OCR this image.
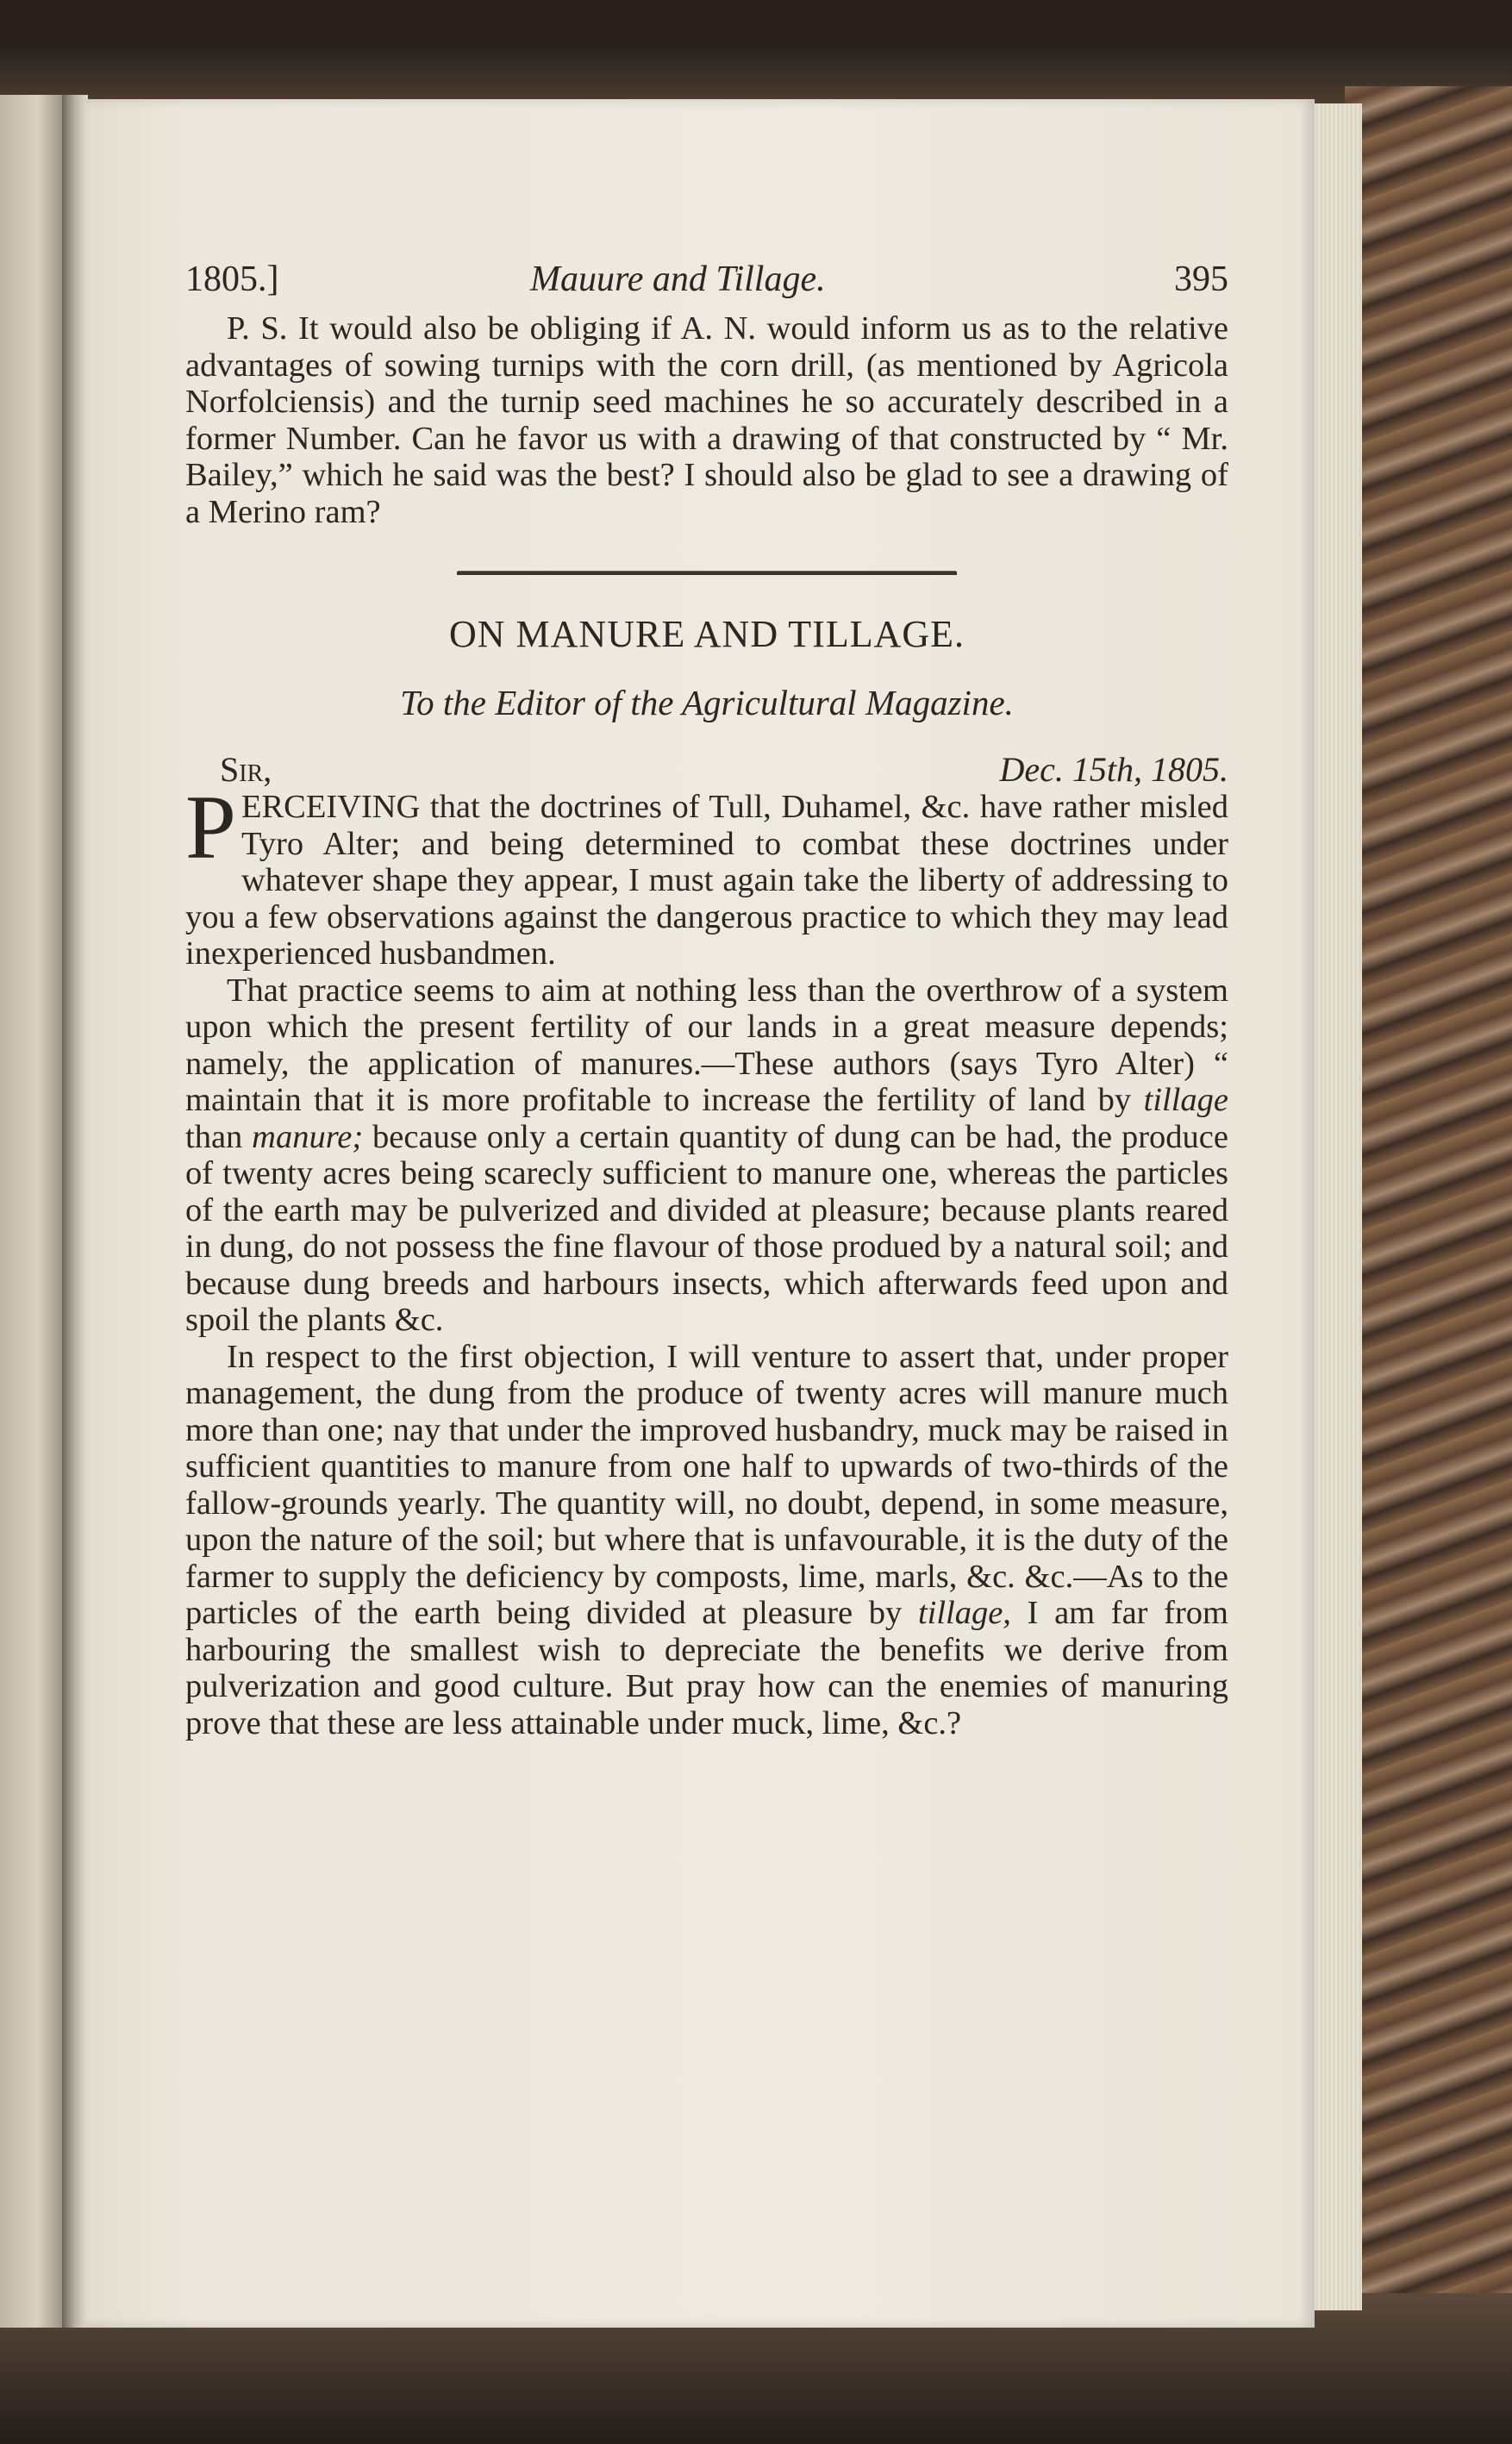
1805.]	Mauure and Tillage.	395

P. S. It would also be obliging if A. N. would inform us as to the relative advantages of sowing turnips with the corn drill, (as mentioned by Agricola Norfolciensis) and the turnip seed machines he so accurately described in a former Number. Can he favor us with a drawing of that constructed by “ Mr. Bailey,” which he said was the best? I should also be glad to see a drawing of a Merino ram?

ON MANURE AND TILLAGE.
To the Editor of the Agricultural Magazine.
Sir,	Dec. 15th, 1805.
P ERCEIVING that the doctrines of Tull, Duhamel, &c. have rather misled Tyro Alter; and being determined to combat these doctrines under whatever shape they appear, I must again take the liberty of addressing to you a few observations against the dangerous practice to which they may lead inexperienced husbandmen.

That practice seems to aim at nothing less than the overthrow of a system upon which the present fertility of our lands in a great measure depends; namely, the application of manures.—These authors (says Tyro Alter) “ maintain that it is more profitable to increase the fertility of land by tillage than manure; because only a certain quantity of dung can be had, the produce of twenty acres being scarecly sufficient to manure one, whereas the particles of the earth may be pulverized and divided at pleasure; because plants reared in dung, do not possess the fine flavour of those produed by a natural soil; and because dung breeds and harbours insects, which afterwards feed upon and spoil the plants &c.

In respect to the first objection, I will venture to assert that, under proper management, the dung from the produce of twenty acres will manure much more than one; nay that under the improved husbandry, muck may be raised in sufficient quantities to manure from one half to upwards of two-thirds of the fallow-grounds yearly. The quantity will, no doubt, depend, in some measure, upon the nature of the soil; but where that is unfavourable, it is the duty of the farmer to supply the deficiency by composts, lime, marls, &c. &c.—As to the particles of the earth being divided at pleasure by tillage, I am far from harbouring the smallest wish to depreciate the benefits we derive from pulverization and good culture. But pray how can the enemies of manuring prove that these are less attainable under muck, lime, &c.?
